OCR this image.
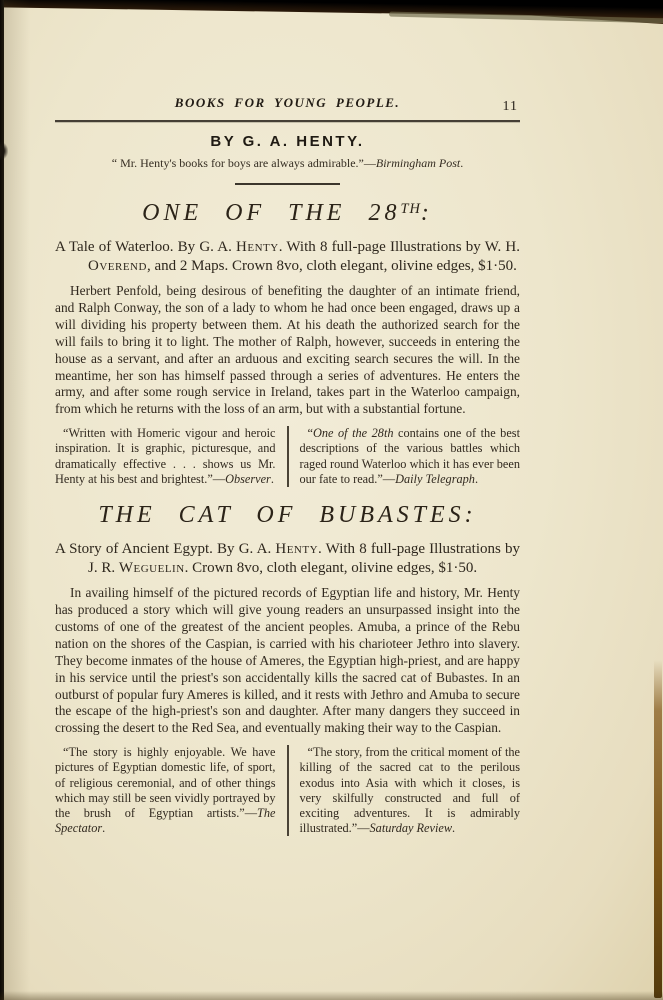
BOOKS FOR YOUNG PEOPLE.	11
BY G. A. HENTY.
“ Mr. Henty's books for boys are always admirable.”—Birmingham Post.
ONE OF THE 28TH:
A Tale of Waterloo. By G. A. Henty. With 8 full-page Illustrations by W. H. Overend, and 2 Maps. Crown 8vo, cloth elegant, olivine edges, $1·50.
Herbert Penfold, being desirous of benefiting the daughter of an intimate friend, and Ralph Conway, the son of a lady to whom he had once been engaged, draws up a will dividing his property between them. At his death the authorized search for the will fails to bring it to light. The mother of Ralph, however, succeeds in entering the house as a servant, and after an arduous and exciting search secures the will. In the meantime, her son has himself passed through a series of adventures. He enters the army, and after some rough service in Ireland, takes part in the Waterloo campaign, from which he returns with the loss of an arm, but with a substantial fortune.
“Written with Homeric vigour and heroic inspiration. It is graphic, picturesque, and dramatically effective . . . shows us Mr. Henty at his best and brightest.”—Observer.
“One of the 28th contains one of the best descriptions of the various battles which raged round Waterloo which it has ever been our fate to read.”—Daily Telegraph.
THE CAT OF BUBASTES:
A Story of Ancient Egypt. By G. A. Henty. With 8 full-page Illustrations by J. R. Weguelin. Crown 8vo, cloth elegant, olivine edges, $1·50.
In availing himself of the pictured records of Egyptian life and history, Mr. Henty has produced a story which will give young readers an unsurpassed insight into the customs of one of the greatest of the ancient peoples. Amuba, a prince of the Rebu nation on the shores of the Caspian, is carried with his charioteer Jethro into slavery. They become inmates of the house of Ameres, the Egyptian high-priest, and are happy in his service until the priest's son accidentally kills the sacred cat of Bubastes. In an outburst of popular fury Ameres is killed, and it rests with Jethro and Amuba to secure the escape of the high-priest's son and daughter. After many dangers they succeed in crossing the desert to the Red Sea, and eventually making their way to the Caspian.
“The story is highly enjoyable. We have pictures of Egyptian domestic life, of sport, of religious ceremonial, and of other things which may still be seen vividly portrayed by the brush of Egyptian artists.”—The Spectator.
“The story, from the critical moment of the killing of the sacred cat to the perilous exodus into Asia with which it closes, is very skilfully constructed and full of exciting adventures. It is admirably illustrated.”—Saturday Review.
